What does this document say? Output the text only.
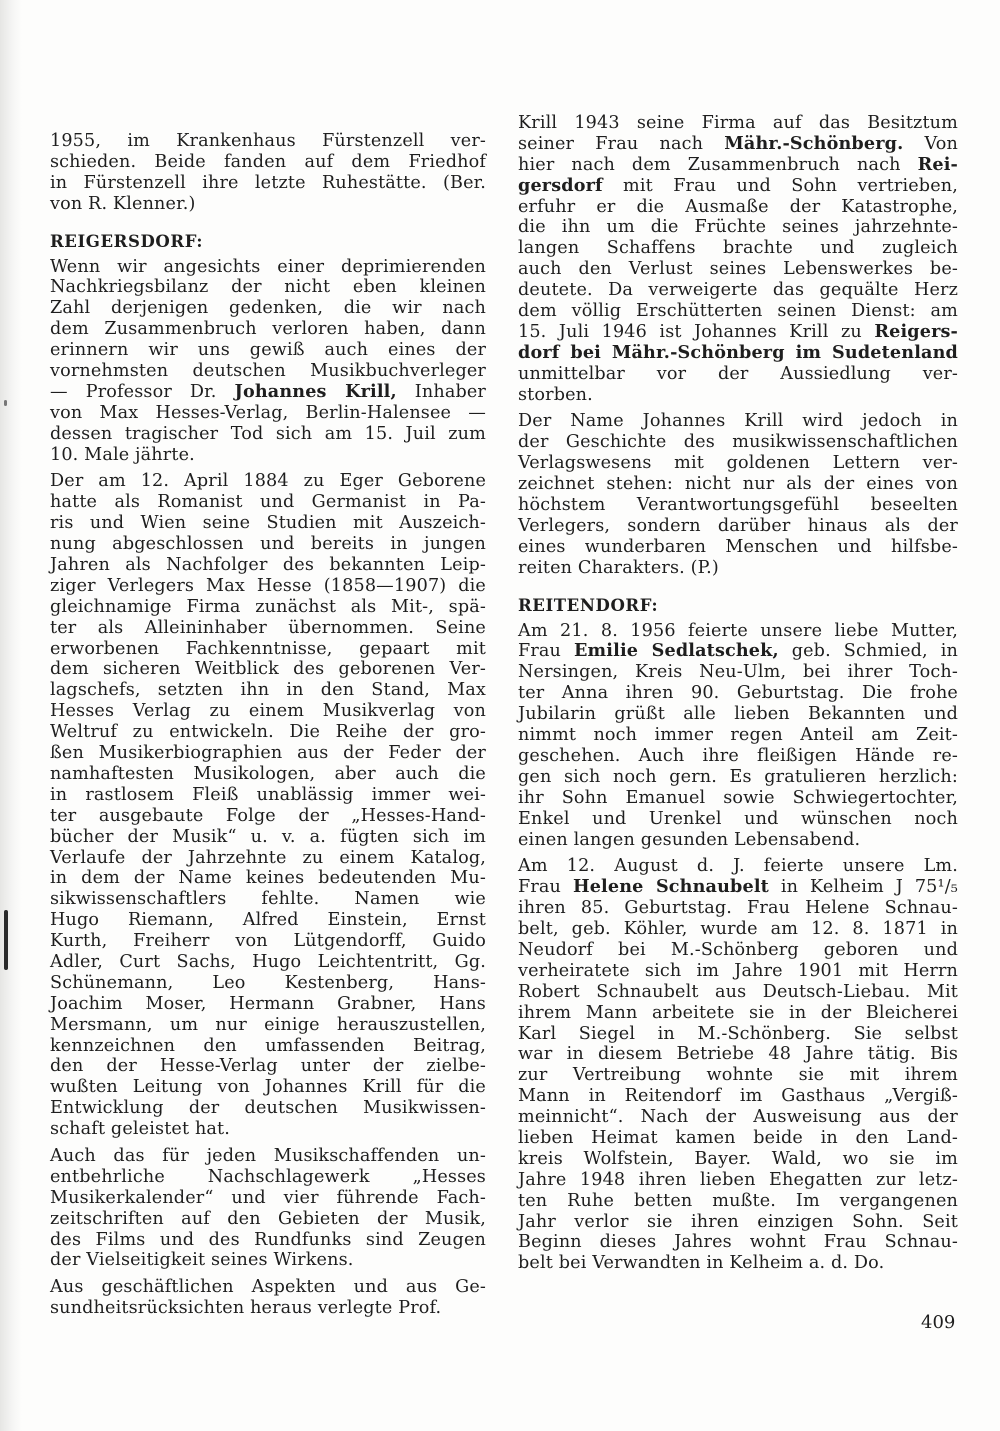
1955, im Krankenhaus Fürstenzell ver-
schieden. Beide fanden auf dem Friedhof
in Fürstenzell ihre letzte Ruhestätte. (Ber.
von R. Klenner.)
REIGERSDORF:
Wenn wir angesichts einer deprimierenden
Nachkriegsbilanz der nicht eben kleinen
Zahl derjenigen gedenken, die wir nach
dem Zusammenbruch verloren haben, dann
erinnern wir uns gewiß auch eines der
vornehmsten deutschen Musikbuchverleger
— Professor Dr. Johannes Krill, Inhaber
von Max Hesses-Verlag, Berlin-Halensee —
dessen tragischer Tod sich am 15. Juil zum
10. Male jährte.
Der am 12. April 1884 zu Eger Geborene
hatte als Romanist und Germanist in Pa-
ris und Wien seine Studien mit Auszeich-
nung abgeschlossen und bereits in jungen
Jahren als Nachfolger des bekannten Leip-
ziger Verlegers Max Hesse (1858—1907) die
gleichnamige Firma zunächst als Mit-, spä-
ter als Alleininhaber übernommen. Seine
erworbenen Fachkenntnisse, gepaart mit
dem sicheren Weitblick des geborenen Ver-
lagschefs, setzten ihn in den Stand, Max
Hesses Verlag zu einem Musikverlag von
Weltruf zu entwickeln. Die Reihe der gro-
ßen Musikerbiographien aus der Feder der
namhaftesten Musikologen, aber auch die
in rastlosem Fleiß unablässig immer wei-
ter ausgebaute Folge der „Hesses-Hand-
bücher der Musik“ u. v. a. fügten sich im
Verlaufe der Jahrzehnte zu einem Katalog,
in dem der Name keines bedeutenden Mu-
sikwissenschaftlers fehlte. Namen wie
Hugo Riemann, Alfred Einstein, Ernst
Kurth, Freiherr von Lütgendorff, Guido
Adler, Curt Sachs, Hugo Leichtentritt, Gg.
Schünemann, Leo Kestenberg, Hans-
Joachim Moser, Hermann Grabner, Hans
Mersmann, um nur einige herauszustellen,
kennzeichnen den umfassenden Beitrag,
den der Hesse-Verlag unter der zielbe-
wußten Leitung von Johannes Krill für die
Entwicklung der deutschen Musikwissen-
schaft geleistet hat.
Auch das für jeden Musikschaffenden un-
entbehrliche Nachschlagewerk „Hesses
Musikerkalender“ und vier führende Fach-
zeitschriften auf den Gebieten der Musik,
des Films und des Rundfunks sind Zeugen
der Vielseitigkeit seines Wirkens.
Aus geschäftlichen Aspekten und aus Ge-
sundheitsrücksichten heraus verlegte Prof.
Krill 1943 seine Firma auf das Besitztum
seiner Frau nach Mähr.-Schönberg. Von
hier nach dem Zusammenbruch nach Rei-
gersdorf mit Frau und Sohn vertrieben,
erfuhr er die Ausmaße der Katastrophe,
die ihn um die Früchte seines jahrzehnte-
langen Schaffens brachte und zugleich
auch den Verlust seines Lebenswerkes be-
deutete. Da verweigerte das gequälte Herz
dem völlig Erschütterten seinen Dienst: am
15. Juli 1946 ist Johannes Krill zu Reigers-
dorf bei Mähr.-Schönberg im Sudetenland
unmittelbar vor der Aussiedlung ver-
storben.
Der Name Johannes Krill wird jedoch in
der Geschichte des musikwissenschaftlichen
Verlagswesens mit goldenen Lettern ver-
zeichnet stehen: nicht nur als der eines von
höchstem Verantwortungsgefühl beseelten
Verlegers, sondern darüber hinaus als der
eines wunderbaren Menschen und hilfsbe-
reiten Charakters. (P.)
REITENDORF:
Am 21. 8. 1956 feierte unsere liebe Mutter,
Frau Emilie Sedlatschek, geb. Schmied, in
Nersingen, Kreis Neu-Ulm, bei ihrer Toch-
ter Anna ihren 90. Geburtstag. Die frohe
Jubilarin grüßt alle lieben Bekannten und
nimmt noch immer regen Anteil am Zeit-
geschehen. Auch ihre fleißigen Hände re-
gen sich noch gern. Es gratulieren herzlich:
ihr Sohn Emanuel sowie Schwiegertochter,
Enkel und Urenkel und wünschen noch
einen langen gesunden Lebensabend.
Am 12. August d. J. feierte unsere Lm.
Frau Helene Schnaubelt in Kelheim J 75¹/₅
ihren 85. Geburtstag. Frau Helene Schnau-
belt, geb. Köhler, wurde am 12. 8. 1871 in
Neudorf bei M.-Schönberg geboren und
verheiratete sich im Jahre 1901 mit Herrn
Robert Schnaubelt aus Deutsch-Liebau. Mit
ihrem Mann arbeitete sie in der Bleicherei
Karl Siegel in M.-Schönberg. Sie selbst
war in diesem Betriebe 48 Jahre tätig. Bis
zur Vertreibung wohnte sie mit ihrem
Mann in Reitendorf im Gasthaus „Vergiß-
meinnicht“. Nach der Ausweisung aus der
lieben Heimat kamen beide in den Land-
kreis Wolfstein, Bayer. Wald, wo sie im
Jahre 1948 ihren lieben Ehegatten zur letz-
ten Ruhe betten mußte. Im vergangenen
Jahr verlor sie ihren einzigen Sohn. Seit
Beginn dieses Jahres wohnt Frau Schnau-
belt bei Verwandten in Kelheim a. d. Do.
409
